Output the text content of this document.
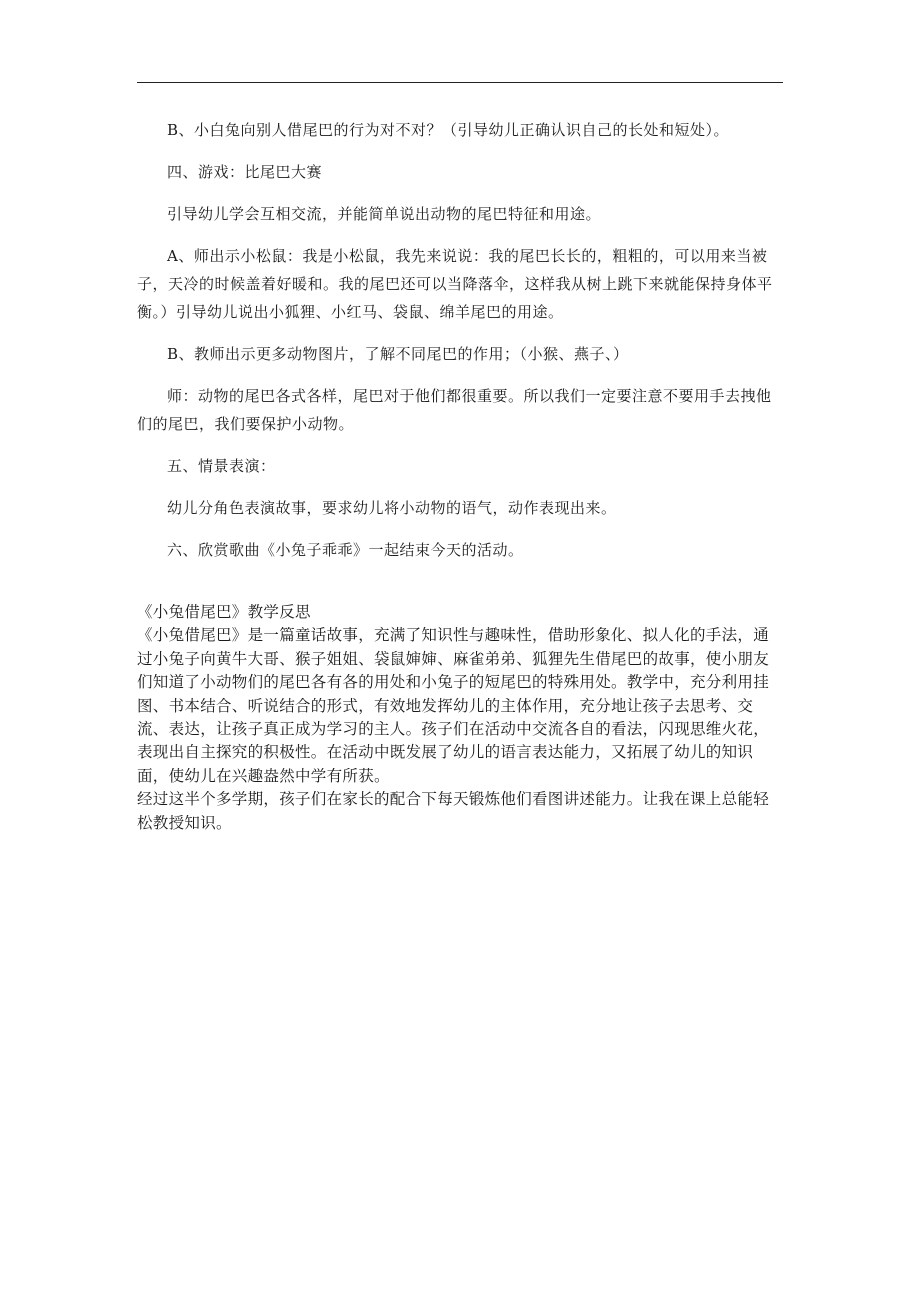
B、小白兔向别人借尾巴的行为对不对？（引导幼儿正确认识自己的长处和短处）。

四、游戏：比尾巴大赛

引导幼儿学会互相交流，并能简单说出动物的尾巴特征和用途。

A、师出示小松鼠：我是小松鼠，我先来说说：我的尾巴长长的，粗粗的，可以用来当被子，天冷的时候盖着好暖和。我的尾巴还可以当降落伞，这样我从树上跳下来就能保持身体平衡。）引导幼儿说出小狐狸、小红马、袋鼠、绵羊尾巴的用途。

B、教师出示更多动物图片，了解不同尾巴的作用；（小猴、燕子、）

师：动物的尾巴各式各样，尾巴对于他们都很重要。所以我们一定要注意不要用手去拽他们的尾巴，我们要保护小动物。

五、情景表演：

幼儿分角色表演故事，要求幼儿将小动物的语气，动作表现出来。

六、欣赏歌曲《小兔子乖乖》一起结束今天的活动。

《小兔借尾巴》教学反思

《小兔借尾巴》是一篇童话故事，充满了知识性与趣味性，借助形象化、拟人化的手法，通过小兔子向黄牛大哥、猴子姐姐、袋鼠婶婶、麻雀弟弟、狐狸先生借尾巴的故事，使小朋友们知道了小动物们的尾巴各有各的用处和小兔子的短尾巴的特殊用处。教学中，充分利用挂图、书本结合、听说结合的形式，有效地发挥幼儿的主体作用，充分地让孩子去思考、交流、表达，让孩子真正成为学习的主人。孩子们在活动中交流各自的看法，闪现思维火花，表现出自主探究的积极性。在活动中既发展了幼儿的语言表达能力，又拓展了幼儿的知识面，使幼儿在兴趣盎然中学有所获。

经过这半个多学期，孩子们在家长的配合下每天锻炼他们看图讲述能力。让我在课上总能轻松教授知识。
